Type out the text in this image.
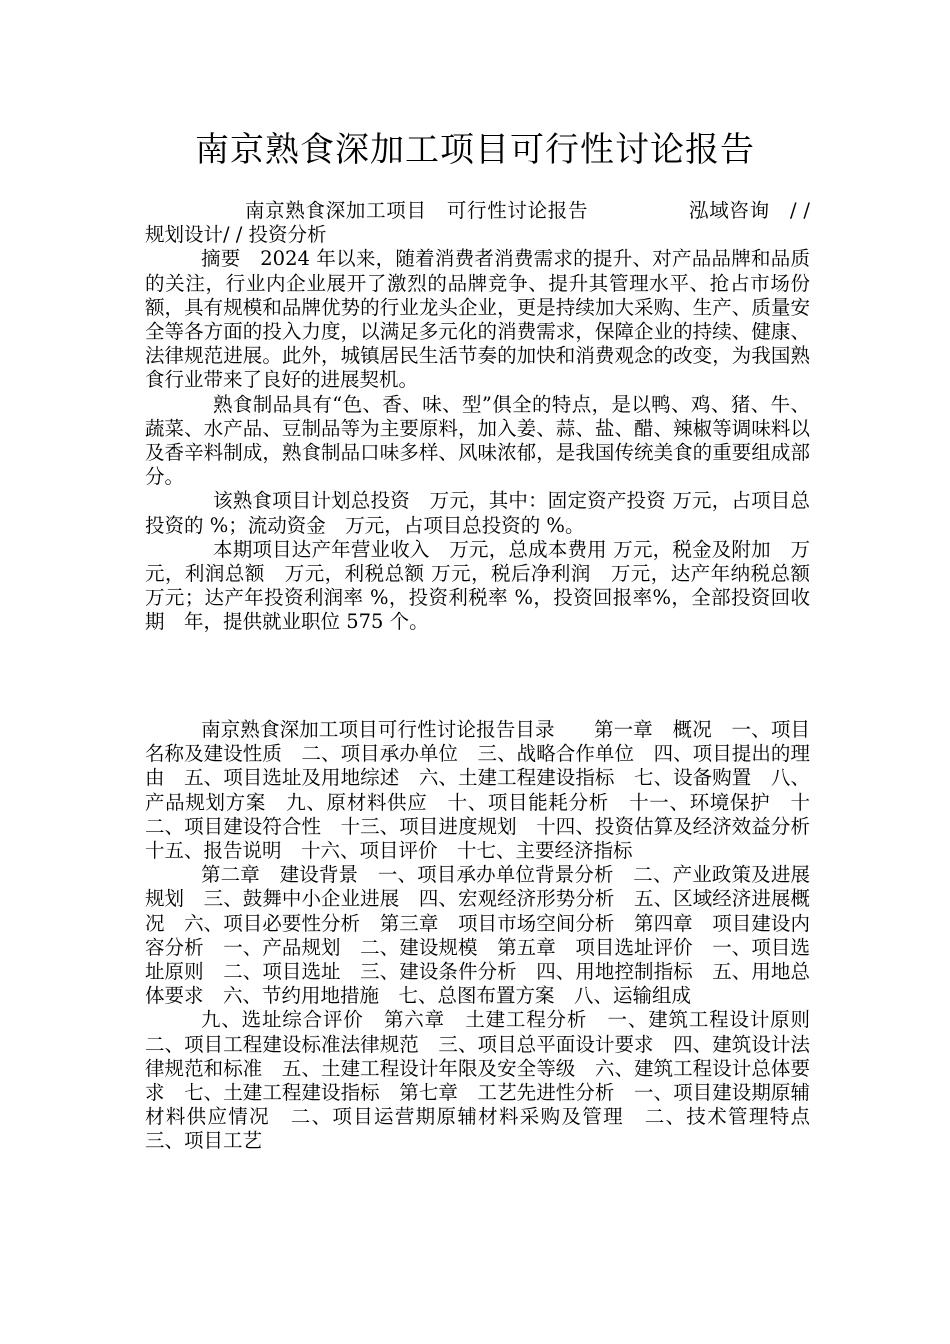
南京熟食深加工项目可行性讨论报告

南京熟食深加工项目　可行性讨论报告　　　　　泓域咨询　/ / 规划设计/ / 投资分析

摘要　2024 年以来，随着消费者消费需求的提升、对产品品牌和品质的关注，行业内企业展开了激烈的品牌竞争、提升其管理水平、抢占市场份额，具有规模和品牌优势的行业龙头企业，更是持续加大采购、生产、质量安全等各方面的投入力度，以满足多元化的消费需求，保障企业的持续、健康、法律规范进展。此外，城镇居民生活节奏的加快和消费观念的改变，为我国熟食行业带来了良好的进展契机。

熟食制品具有“色、香、味、型”俱全的特点，是以鸭、鸡、猪、牛、蔬菜、水产品、豆制品等为主要原料，加入姜、蒜、盐、醋、辣椒等调味料以及香辛料制成，熟食制品口味多样、风味浓郁，是我国传统美食的重要组成部分。

该熟食项目计划总投资　万元，其中：固定资产投资 万元，占项目总投资的 %；流动资金　万元，占项目总投资的 %。

本期项目达产年营业收入　万元，总成本费用 万元，税金及附加　万元，利润总额　万元，利税总额 万元，税后净利润　万元，达产年纳税总额　万元；达产年投资利润率 %，投资利税率 %，投资回报率%，全部投资回收期　年，提供就业职位 575 个。

南京熟食深加工项目可行性讨论报告目录　　第一章　概况　一、项目名称及建设性质　二、项目承办单位　三、战略合作单位　四、项目提出的理由　五、项目选址及用地综述　六、土建工程建设指标　七、设备购置　八、产品规划方案　九、原材料供应　十、项目能耗分析　十一、环境保护　十二、项目建设符合性　十三、项目进度规划　十四、投资估算及经济效益分析　十五、报告说明　十六、项目评价　十七、主要经济指标

第二章　建设背景　一、项目承办单位背景分析　二、产业政策及进展规划　三、鼓舞中小企业进展　四、宏观经济形势分析　五、区域经济进展概况　六、项目必要性分析　第三章　项目市场空间分析　第四章　项目建设内容分析　一、产品规划　二、建设规模　第五章　项目选址评价　一、项目选址原则　二、项目选址　三、建设条件分析　四、用地控制指标　五、用地总体要求　六、节约用地措施　七、总图布置方案　八、运输组成

九、选址综合评价　第六章　土建工程分析　一、建筑工程设计原则　二、项目工程建设标准法律规范　三、项目总平面设计要求　四、建筑设计法律规范和标准　五、土建工程设计年限及安全等级　六、建筑工程设计总体要求　七、土建工程建设指标　第七章　工艺先进性分析　一、项目建设期原辅材料供应情况　二、项目运营期原辅材料采购及管理　二、技术管理特点　三、项目工艺
